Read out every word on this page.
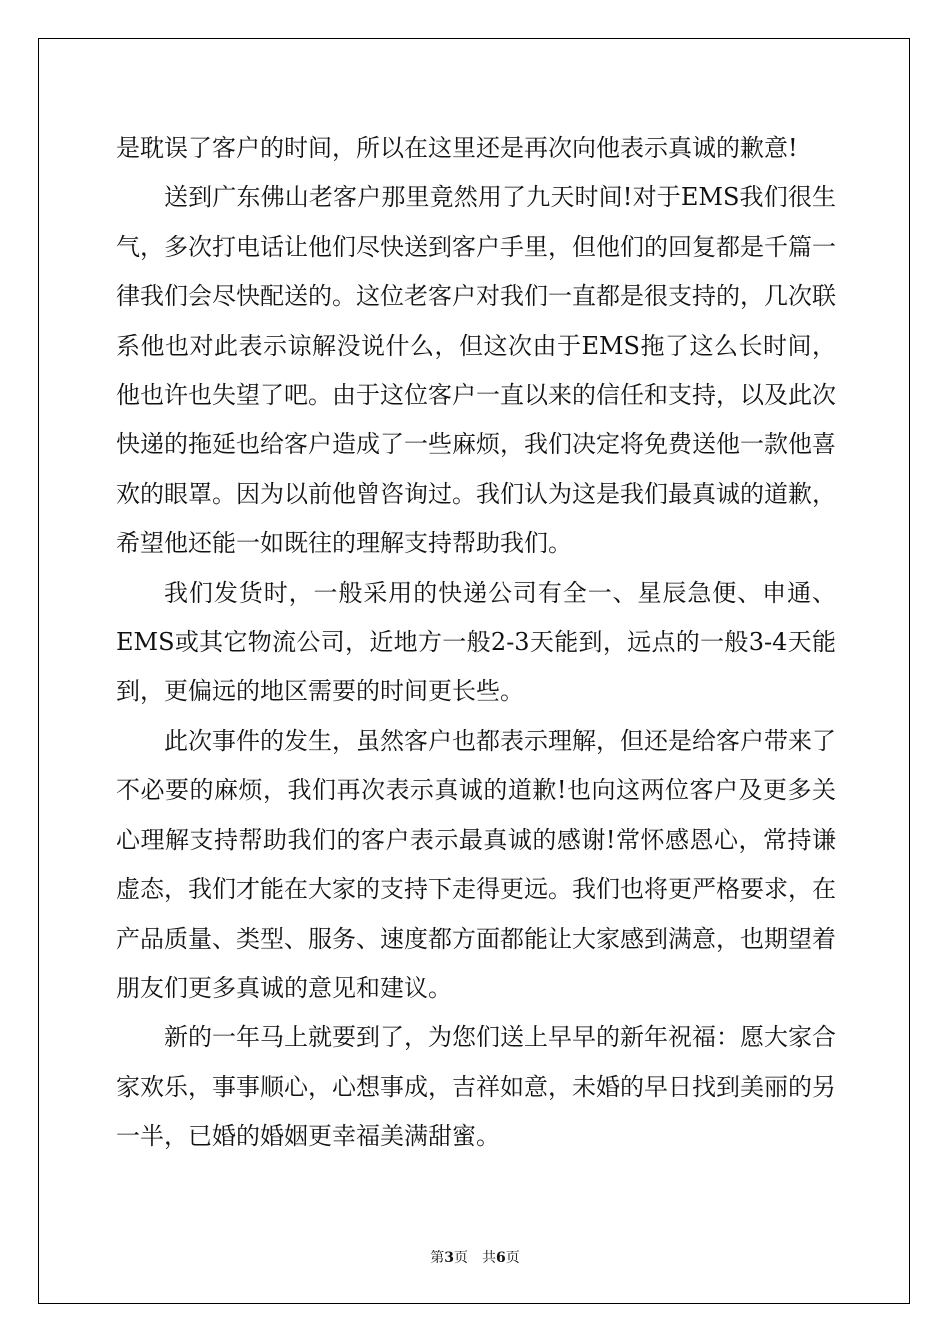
是耽误了客户的时间，所以在这里还是再次向他表示真诚的歉意!

送到广东佛山老客户那里竟然用了九天时间!对于EMS我们很生气，多次打电话让他们尽快送到客户手里，但他们的回复都是千篇一律我们会尽快配送的。这位老客户对我们一直都是很支持的，几次联系他也对此表示谅解没说什么，但这次由于EMS拖了这么长时间，他也许也失望了吧。由于这位客户一直以来的信任和支持，以及此次快递的拖延也给客户造成了一些麻烦，我们决定将免费送他一款他喜欢的眼罩。因为以前他曾咨询过。我们认为这是我们最真诚的道歉，希望他还能一如既往的理解支持帮助我们。

我们发货时，一般采用的快递公司有全一、星辰急便、申通、EMS或其它物流公司，近地方一般2-3天能到，远点的一般3-4天能到，更偏远的地区需要的时间更长些。

此次事件的发生，虽然客户也都表示理解，但还是给客户带来了不必要的麻烦，我们再次表示真诚的道歉!也向这两位客户及更多关心理解支持帮助我们的客户表示最真诚的感谢!常怀感恩心，常持谦虚态，我们才能在大家的支持下走得更远。我们也将更严格要求，在产品质量、类型、服务、速度都方面都能让大家感到满意，也期望着朋友们更多真诚的意见和建议。

新的一年马上就要到了，为您们送上早早的新年祝福：愿大家合家欢乐，事事顺心，心想事成，吉祥如意，未婚的早日找到美丽的另一半，已婚的婚姻更幸福美满甜蜜。

第3页 共6页
